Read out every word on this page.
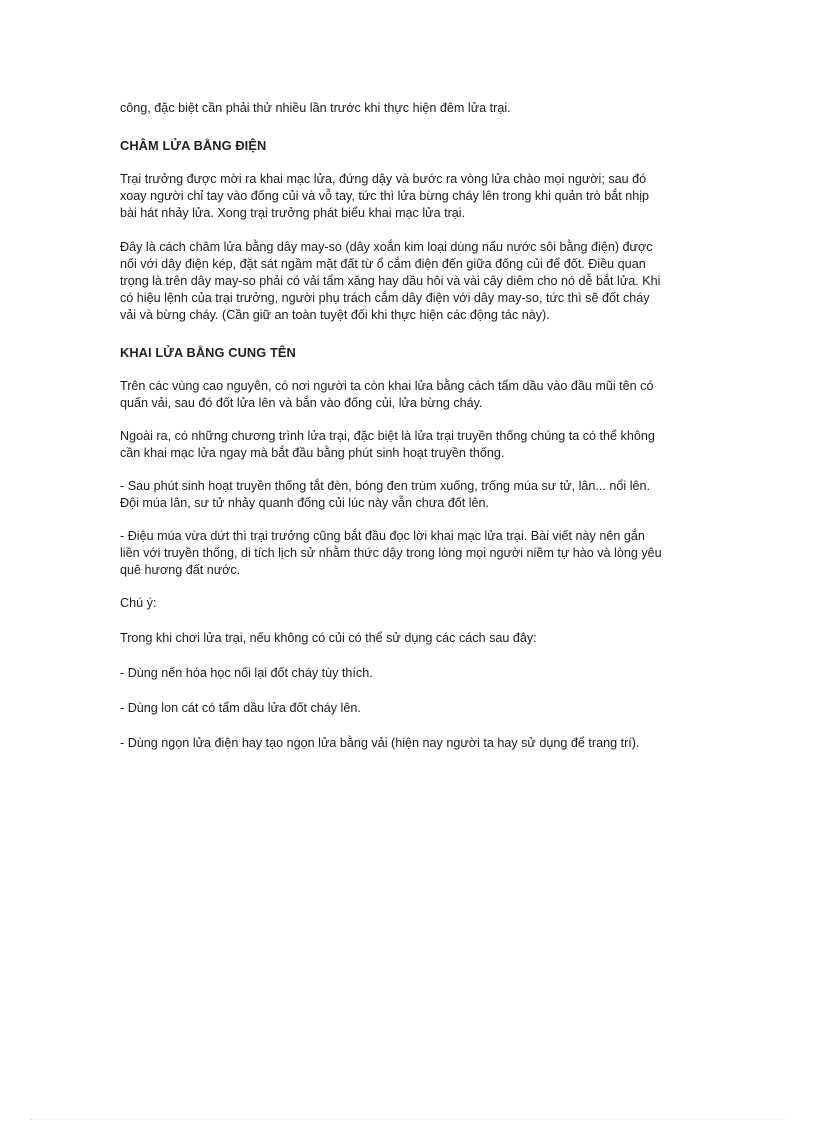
công, đặc biệt cần phải thử nhiều lần trước khi thực hiện đêm lửa trại.

CHÂM LỬA BẰNG ĐIỆN

Trại trưởng được mời ra khai mạc lửa, đứng dậy và bước ra vòng lửa chào mọi người; sau đó
xoay người chỉ tay vào đống củi và vỗ tay, tức thì lửa bừng cháy lên trong khi quản trò bắt nhịp
bài hát nhảy lửa. Xong trại trưởng phát biểu khai mạc lửa trại.

Đây là cách châm lửa bằng dây may-so (dây xoắn kim loại dùng nấu nước sôi bằng điện) được
nối với dây điện kép, đặt sát ngầm mặt đất từ ổ cắm điện đến giữa đống củi để đốt. Điều quan
trọng là trên dây may-so phải có vải tẩm xăng hay dầu hôi và vài cây diêm cho nó dễ bắt lửa. Khi
có hiệu lệnh của trại trưởng, người phụ trách cắm dây điện với dây may-so, tức thì sẽ đốt cháy
vải và bừng cháy. (Cần giữ an toàn tuyệt đối khi thực hiện các động tác này).

KHAI LỬA BẰNG CUNG TÊN

Trên các vùng cao nguyên, có nơi người ta còn khai lửa bằng cách tẩm dầu vào đầu mũi tên có
quấn vải, sau đó đốt lửa lên và bắn vào đống củi, lửa bừng cháy.

Ngoài ra, có những chương trình lửa trại, đặc biệt là lửa trại truyền thống chúng ta có thể không
cần khai mạc lửa ngay mà bắt đầu bằng phút sinh hoạt truyền thống.

- Sau phút sinh hoạt truyền thống tắt đèn, bóng đen trùm xuống, trống múa sư tử, lân... nổi lên.
Đội múa lân, sư tử nhảy quanh đống củi lúc này vẫn chưa đốt lên.

- Điệu múa vừa dứt thì trại trưởng cũng bắt đầu đọc lời khai mạc lửa trại. Bài viết này nên gắn
liền với truyền thống, di tích lịch sử nhằm thức dậy trong lòng mọi người niềm tự hào và lòng yêu
quê hương đất nước.

Chú ý:

Trong khi chơi lửa trại, nếu không có củi có thể sử dụng các cách sau đây:

- Dùng nến hóa học nối lại đốt cháy tùy thích.

- Dùng lon cát có tẩm dầu lửa đốt cháy lên.

- Dùng ngọn lửa điện hay tạo ngọn lửa bằng vải (hiện nay người ta hay sử dụng để trang trí).
